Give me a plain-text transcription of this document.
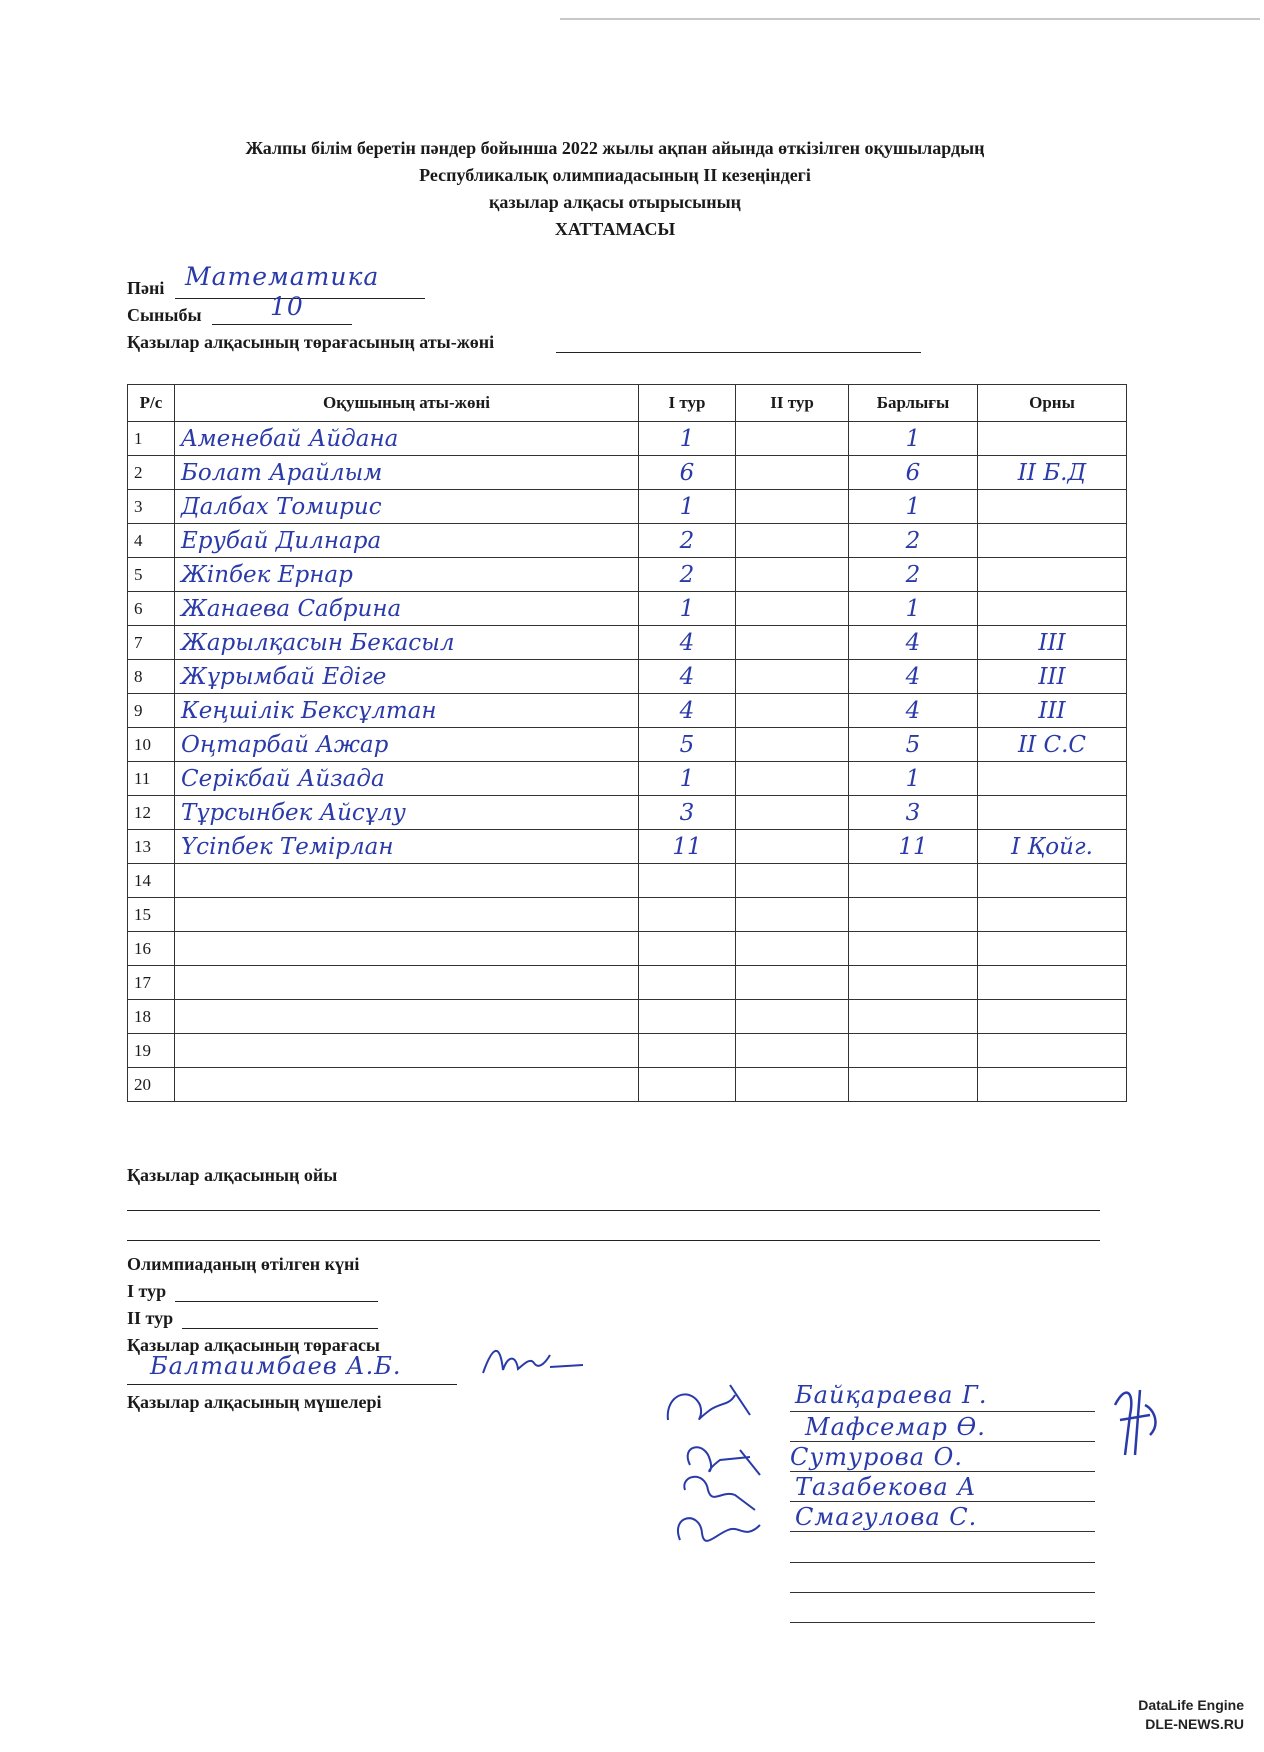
Жалпы білім беретін пәндер бойынша 2022 жылы ақпан айында өткізілген оқушылардың
Республикалық олимпиадасының II кезеңіндегі
қазылар алқасы отырысының
ХАТТАМАСЫ
Пәні Математика
Сыныбы	10
Қазылар алқасының төрағасының аты-жөні
Р/с	Оқушының аты-жөні	І тур	ІІ тур	Барлығы	Орны
1	Aменебай Айдана	1		1	
2	Болат Арайлым	6		6	II Б.Д
3	Далбах Томирис	1		1	
4	Ерубай Дилнара	2		2	
5	Жіпбек Ернар	2		2	
6	Жанаева Сабрина	1		1	
7	Жарылқасын Бекасыл	4		4	III
8	Жұрымбай Едіге	4		4	III
9	Кеңшілік Бексұлтан	4		4	III
10	Оңтарбай Ажар	5		5	II С.С
11	Серікбай Айзада	1		1	
12	Тұрсынбек Айсұлу	3		3	
13	Үсіпбек Темірлан	11		11	I Қойг.
14					
15					
16					
17					
18					
19					
20					
Қазылар алқасының ойы
Олимпиаданың өтілген күні
І тур
ІІ тур
Қазылар алқасының төрағасы
Бaлтаимбаев А.Б.
Қазылар алқасының мүшелері	Байқараева Г.
Мафсемар Ө.
Сутурова О.
Тазабекова А
Смагулова С.
DataLife Engine
DLE-NEWS.RU
